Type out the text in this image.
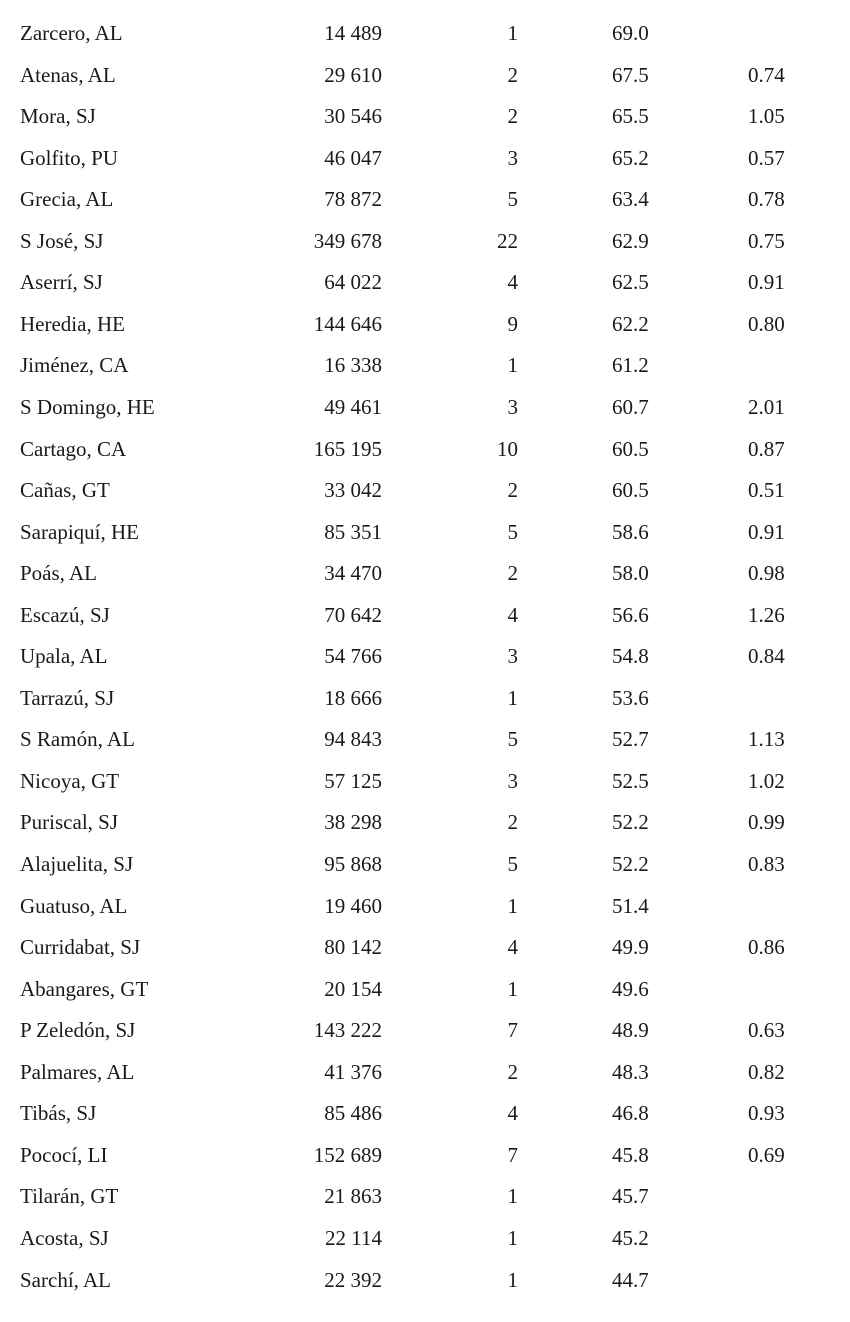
Zarcero, AL	14 489	1	69.0
Atenas, AL	29 610	2	67.5	0.74
Mora, SJ	30 546	2	65.5	1.05
Golfito, PU	46 047	3	65.2	0.57
Grecia, AL	78 872	5	63.4	0.78
S José, SJ	349 678	22	62.9	0.75
Aserrí, SJ	64 022	4	62.5	0.91
Heredia, HE	144 646	9	62.2	0.80
Jiménez, CA	16 338	1	61.2
S Domingo, HE	49 461	3	60.7	2.01
Cartago, CA	165 195	10	60.5	0.87
Cañas, GT	33 042	2	60.5	0.51
Sarapiquí, HE	85 351	5	58.6	0.91
Poás, AL	34 470	2	58.0	0.98
Escazú, SJ	70 642	4	56.6	1.26
Upala, AL	54 766	3	54.8	0.84
Tarrazú, SJ	18 666	1	53.6
S Ramón, AL	94 843	5	52.7	1.13
Nicoya, GT	57 125	3	52.5	1.02
Puriscal, SJ	38 298	2	52.2	0.99
Alajuelita, SJ	95 868	5	52.2	0.83
Guatuso, AL	19 460	1	51.4
Curridabat, SJ	80 142	4	49.9	0.86
Abangares, GT	20 154	1	49.6
P Zeledón, SJ	143 222	7	48.9	0.63
Palmares, AL	41 376	2	48.3	0.82
Tibás, SJ	85 486	4	46.8	0.93
Pococí, LI	152 689	7	45.8	0.69
Tilarán, GT	21 863	1	45.7
Acosta, SJ	22 114	1	45.2
Sarchí, AL	22 392	1	44.7
